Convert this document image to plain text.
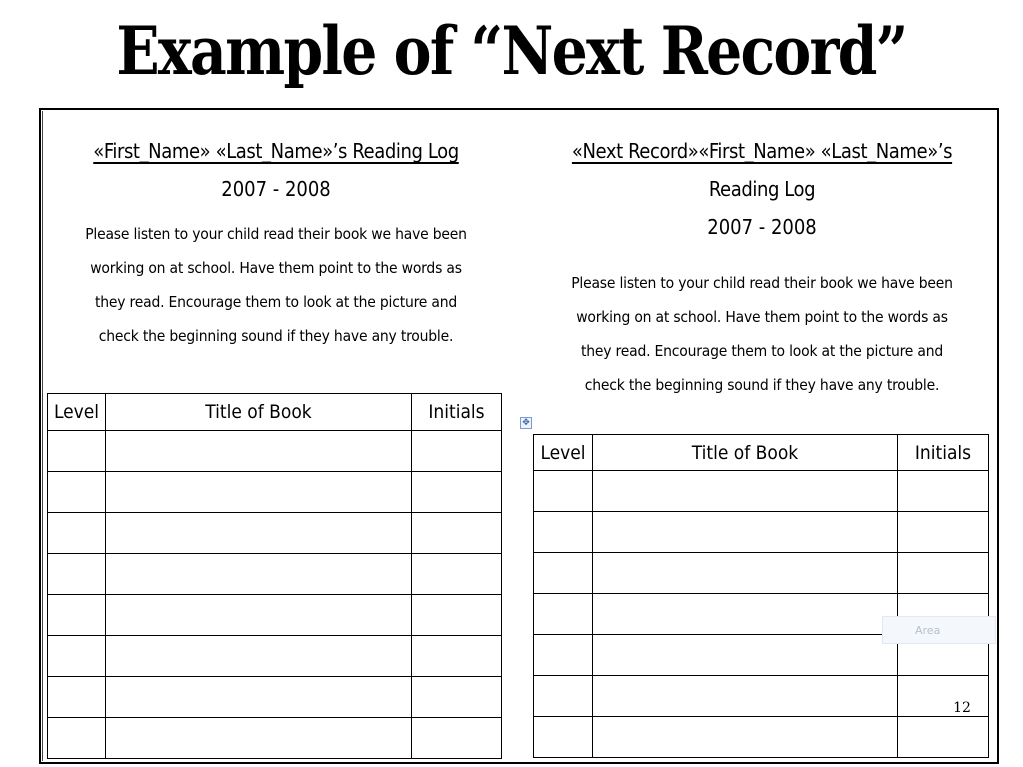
Example of “Next Record”
«First_Name» «Last_Name»’s Reading Log
2007 - 2008
Please listen to your child read their book we have been
working on at school. Have them point to the words as
they read. Encourage them to look at the picture and
check the beginning sound if they have any trouble.
Level	Title of Book	Initials

«Next Record»«First_Name» «Last_Name»’s
Reading Log
2007 - 2008
Please listen to your child read their book we have been
working on at school. Have them point to the words as
they read. Encourage them to look at the picture and
check the beginning sound if they have any trouble.
✥
Level	Title of Book	Initials

Area
12
